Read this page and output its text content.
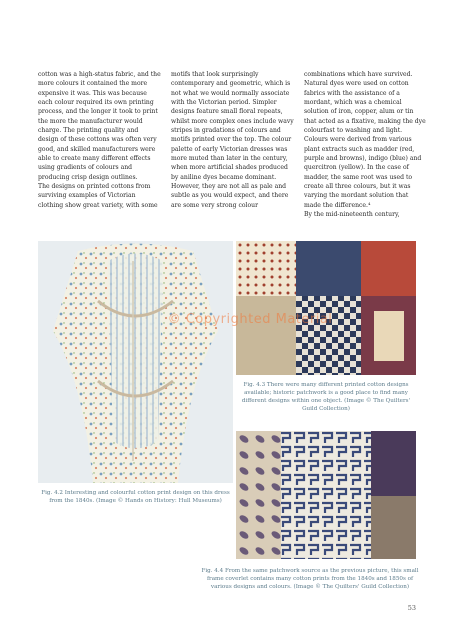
cotton was a high-status fabric, and the
more colours it contained the more
expensive it was. This was because
each colour required its own printing
process, and the longer it took to print
the more the manufacturer would
charge. The printing quality and
design of these cottons was often very
good, and skilled manufacturers were
able to create many different effects
using gradients of colours and
producing crisp design outlines.
The designs on printed cottons from
surviving examples of Victorian
clothing show great variety, with some

motifs that look surprisingly
contemporary and geometric, which is
not what we would normally associate
with the Victorian period. Simpler
designs feature small floral repeats,
whilst more complex ones include wavy
stripes in gradations of colours and
motifs printed over the top. The colour
palette of early Victorian dresses was
more muted than later in the century,
when more artificial shades produced
by aniline dyes became dominant.
However, they are not all as pale and
subtle as you would expect, and there
are some very strong colour

combinations which have survived.
Natural dyes were used on cotton
fabrics with the assistance of a
mordant, which was a chemical
solution of iron, copper, alum or tin
that acted as a fixative, making the dye
colourfast to washing and light.
Colours were derived from various
plant extracts such as madder (red,
purple and browns), indigo (blue) and
quercitron (yellow). In the case of
madder, the same root was used to
create all three colours, but it was
varying the mordant solution that
made the difference.⁴
By the mid-nineteenth century,

© Copyrighted Material
Fig. 4.2 Interesting and colourful cotton print design on this dress from the 1840s. (Image © Hands on History: Hull Museums)
Fig. 4.3 There were many different printed cotton designs available; historic patchwork is a good place to find many different designs within one object. (Image © The Quilters' Guild Collection)
Fig. 4.4 From the same patchwork source as the previous picture, this small frame coverlet contains many cotton prints from the 1840s and 1850s of various designs and colours. (Image © The Quilters' Guild Collection)
53
